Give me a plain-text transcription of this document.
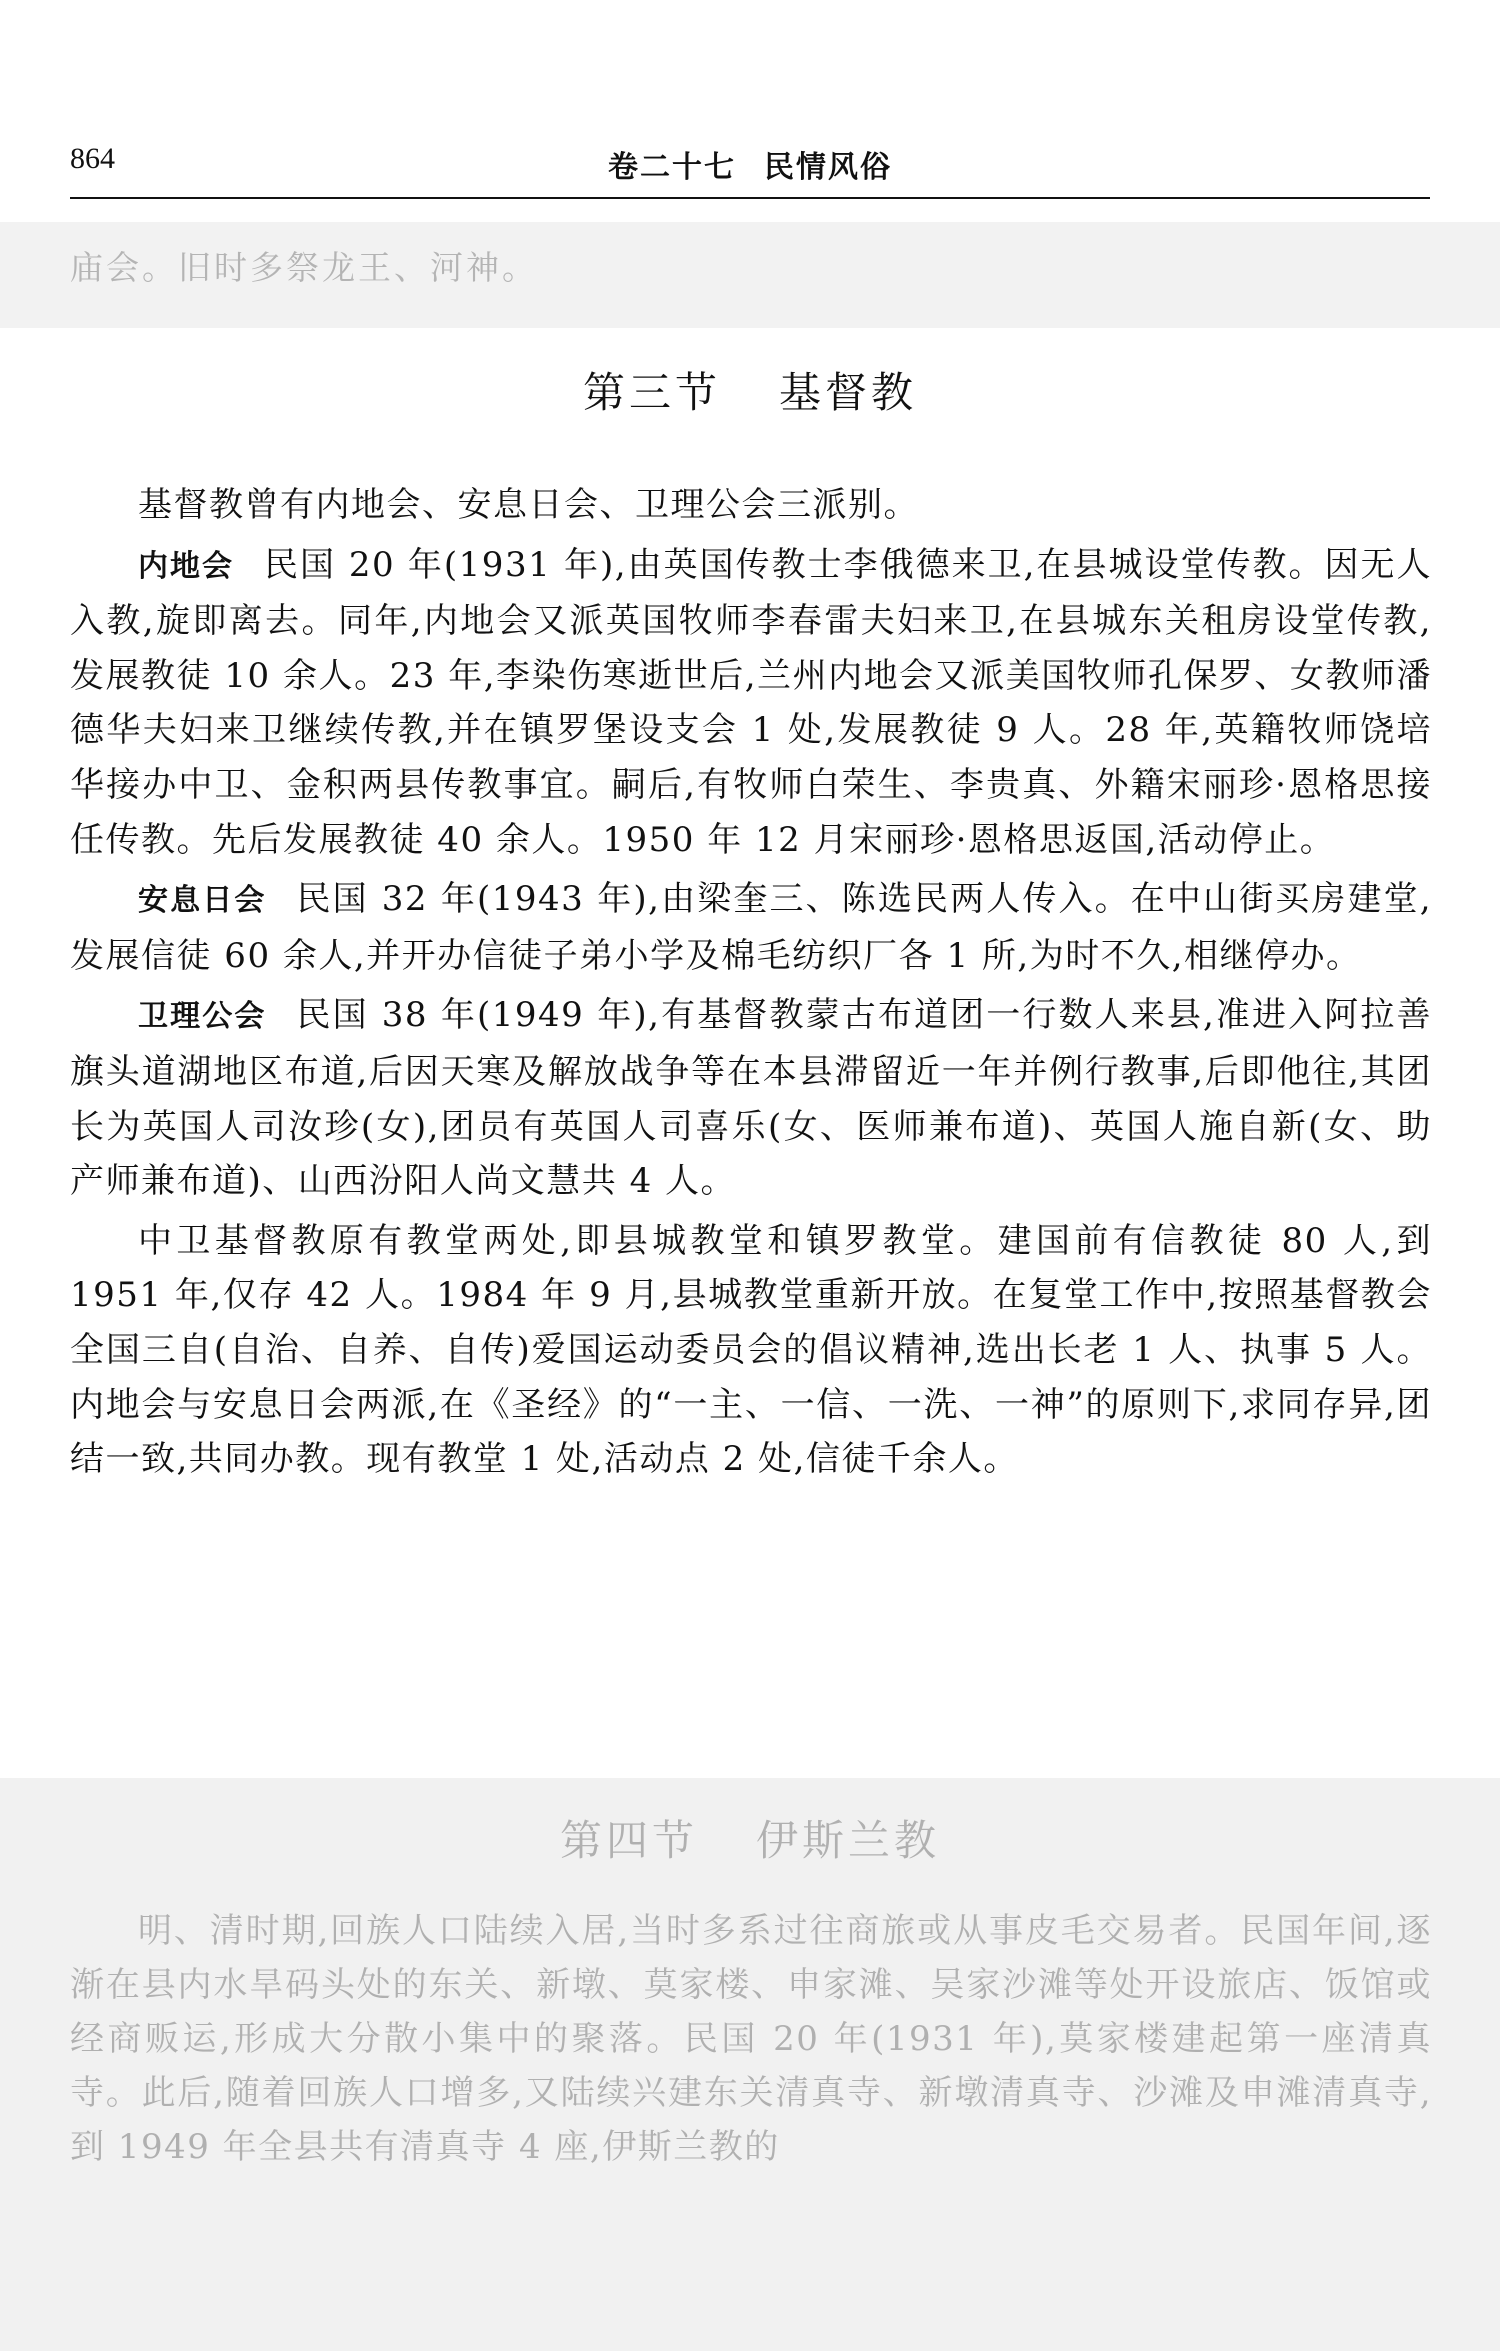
864	卷二十七 民情风俗

庙会。旧时多祭龙王、河神。

第三节 基督教

基督教曾有内地会、安息日会、卫理公会三派别。

内地会 民国 20 年(1931 年),由英国传教士李俄德来卫,在县城设堂传教。因无人入教,旋即离去。同年,内地会又派英国牧师李春雷夫妇来卫,在县城东关租房设堂传教,发展教徒 10 余人。23 年,李染伤寒逝世后,兰州内地会又派美国牧师孔保罗、女教师潘德华夫妇来卫继续传教,并在镇罗堡设支会 1 处,发展教徒 9 人。28 年,英籍牧师饶培华接办中卫、金积两县传教事宜。嗣后,有牧师白荣生、李贵真、外籍宋丽珍·恩格思接任传教。先后发展教徒 40 余人。1950 年 12 月宋丽珍·恩格思返国,活动停止。

安息日会 民国 32 年(1943 年),由梁奎三、陈选民两人传入。在中山街买房建堂,发展信徒 60 余人,并开办信徒子弟小学及棉毛纺织厂各 1 所,为时不久,相继停办。

卫理公会 民国 38 年(1949 年),有基督教蒙古布道团一行数人来县,准进入阿拉善旗头道湖地区布道,后因天寒及解放战争等在本县滞留近一年并例行教事,后即他往,其团长为英国人司汝珍(女),团员有英国人司喜乐(女、医师兼布道)、英国人施自新(女、助产师兼布道)、山西汾阳人尚文慧共 4 人。

中卫基督教原有教堂两处,即县城教堂和镇罗教堂。建国前有信教徒 80 人,到 1951 年,仅存 42 人。1984 年 9 月,县城教堂重新开放。在复堂工作中,按照基督教会全国三自(自治、自养、自传)爱国运动委员会的倡议精神,选出长老 1 人、执事 5 人。内地会与安息日会两派,在《圣经》的“一主、一信、一洗、一神”的原则下,求同存异,团结一致,共同办教。现有教堂 1 处,活动点 2 处,信徒千余人。

第四节 伊斯兰教

明、清时期,回族人口陆续入居,当时多系过往商旅或从事皮毛交易者。民国年间,逐渐在县内水旱码头处的东关、新墩、莫家楼、申家滩、吴家沙滩等处开设旅店、饭馆或经商贩运,形成大分散小集中的聚落。民国 20 年(1931 年),莫家楼建起第一座清真寺。此后,随着回族人口增多,又陆续兴建东关清真寺、新墩清真寺、沙滩及申滩清真寺,到 1949 年全县共有清真寺 4 座,伊斯兰教的
